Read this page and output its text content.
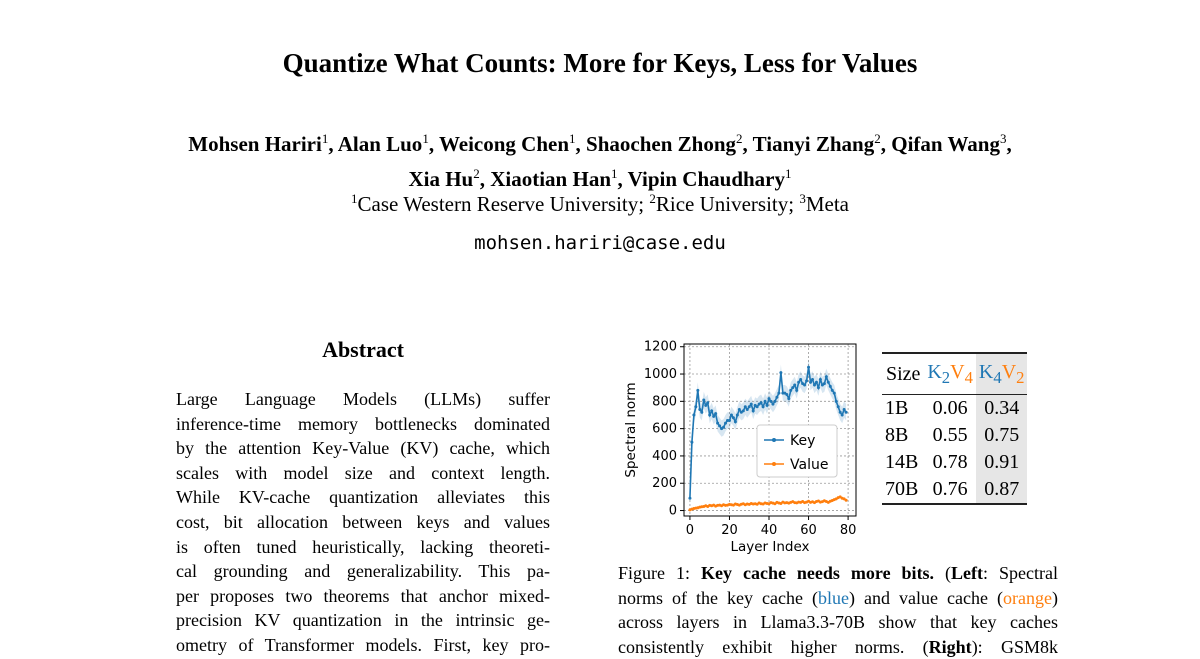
Quantize What Counts: More for Keys, Less for Values
Mohsen Hariri$^1$, Alan Luo$^1$, Weicong Chen$^1$, Shaochen Zhong$^2$, Tianyi Zhang$^2$, Qifan Wang$^3$,
Xia Hu$^2$, Xiaotian Han$^1$, Vipin Chaudhary$^1$
$^1$Case Western Reserve University; $^2$Rice University; $^3$Meta
mohsen.hariri@case.edu
Abstract
Large Language Models (LLMs) suffer
inference-time memory bottlenecks dominated
by the attention Key-Value (KV) cache, which
scales with model size and context length.
While KV-cache quantization alleviates this
cost, bit allocation between keys and values
is often tuned heuristically, lacking theoreti-
cal grounding and generalizability. This pa-
per proposes two theorems that anchor mixed-
precision KV quantization in the intrinsic ge-
ometry of Transformer models. First, key pro-
0
200
400
600
800
1000
1200
0 20 40 60 80
Layer Index
Spectral norm	Key
Value
Size	$K_2V_4$	$K_4V_2$
1B	0.06	0.34
8B	0.55	0.75
14B	0.78	0.91
70B	0.76	0.87
Figure 1: Key cache needs more bits. (Left: Spectral
norms of the key cache (blue) and value cache (orange)
across layers in Llama3.3-70B show that key caches
consistently exhibit higher norms. (Right): GSM8k
